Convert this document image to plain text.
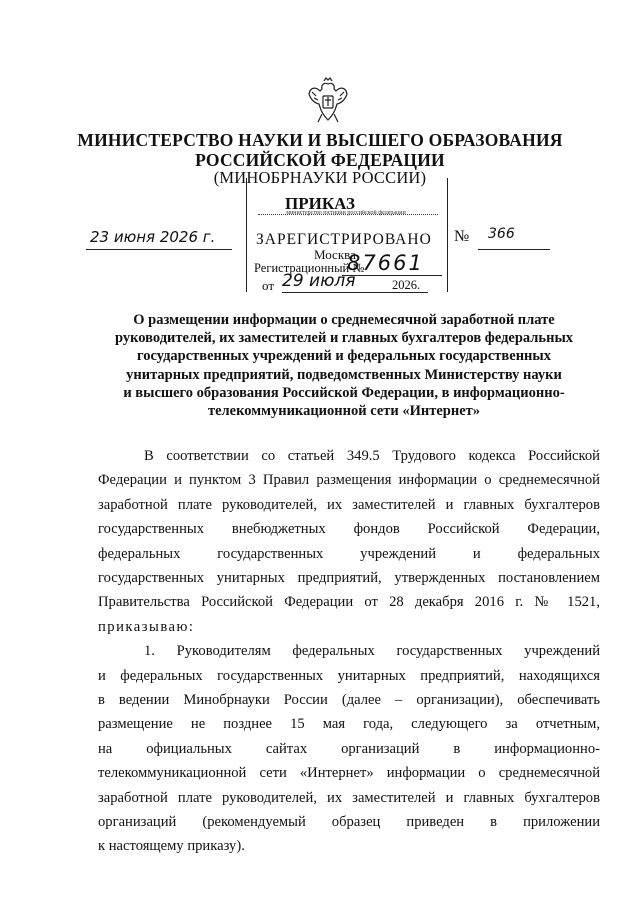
МИНИСТЕРСТВО НАУКИ И ВЫСШЕГО ОБРАЗОВАНИЯ
РОССИЙСКОЙ ФЕДЕРАЦИИ
(МИНОБРНАУКИ РОССИИ)
ПРИКАЗ
министерство юстиции российской федерации
ЗАРЕГИСТРИРОВАНО
Москва
Регистрационный №
87661
от 29 июля	2026.
23 июня 2026 г.	№ 366
О размещении информации о среднемесячной заработной плате
руководителей, их заместителей и главных бухгалтеров федеральных
государственных учреждений и федеральных государственных
унитарных предприятий, подведомственных Министерству науки
и высшего образования Российской Федерации, в информационно-
телекоммуникационной сети «Интернет»
В соответствии со статьей 349.5 Трудового кодекса Российской
Федерации и пунктом 3 Правил размещения информации о среднемесячной
заработной плате руководителей, их заместителей и главных бухгалтеров
государственных внебюджетных фондов Российской Федерации,
федеральных государственных учреждений и федеральных
государственных унитарных предприятий, утвержденных постановлением
Правительства Российской Федерации от 28 декабря 2016 г. № 1521,
приказываю:
1. Руководителям федеральных государственных учреждений
и федеральных государственных унитарных предприятий, находящихся
в ведении Минобрнауки России (далее – организации), обеспечивать
размещение не позднее 15 мая года, следующего за отчетным,
на официальных сайтах организаций в информационно-
телекоммуникационной сети «Интернет» информации о среднемесячной
заработной плате руководителей, их заместителей и главных бухгалтеров
организаций (рекомендуемый образец приведен в приложении
к настоящему приказу).
